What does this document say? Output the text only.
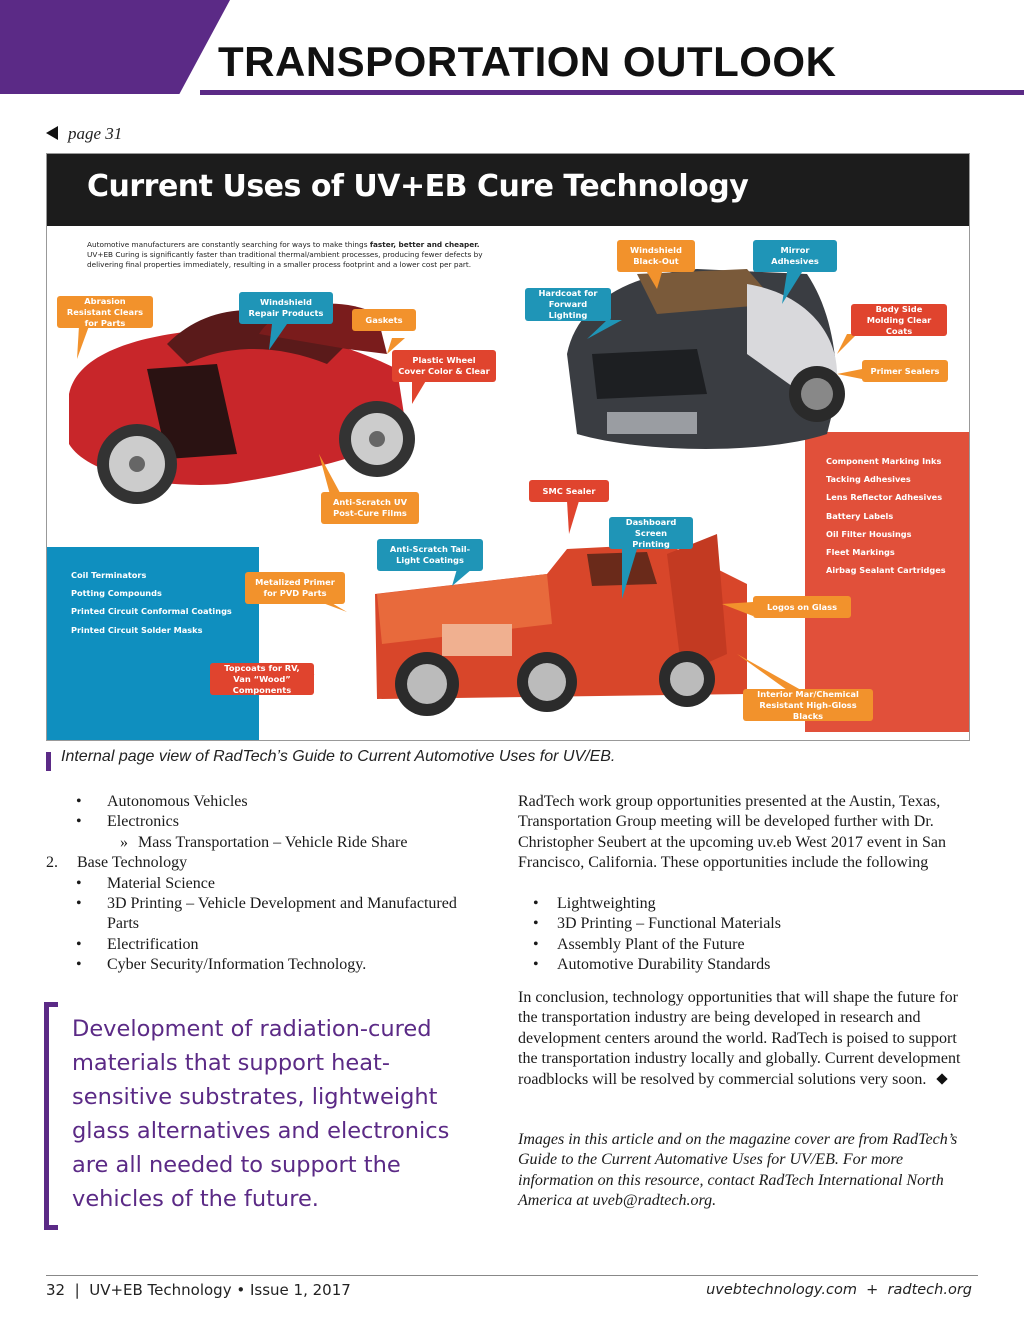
TRANSPORTATION OUTLOOK
page 31
Current Uses of UV+EB Cure Technology
Automotive manufacturers are constantly searching for ways to make things faster, better and cheaper. UV+EB Curing is significantly faster than traditional thermal/ambient processes, producing fewer defects by delivering final properties immediately, resulting in a smaller process footprint and a lower cost per part.
Coil Terminators
Potting Compounds
Printed Circuit Conformal Coatings
Printed Circuit Solder Masks
Component Marking Inks
Tacking Adhesives
Lens Reflector Adhesives
Battery Labels
Oil Filter Housings
Fleet Markings
Airbag Sealant Cartridges
Abrasion Resistant Clears for Parts
Windshield Repair Products
Gaskets
Hardcoat for Forward Lighting
Windshield Black-Out
Mirror Adhesives
Body Side Molding Clear Coats
Primer Sealers
Plastic Wheel Cover Color & Clear
Anti-Scratch UV Post-Cure Films
SMC Sealer
Dashboard Screen Printing
Anti-Scratch Tail-Light Coatings
Metalized Primer for PVD Parts
Logos on Glass
Topcoats for RV, Van “Wood” Components	Interior Mar/Chemical Resistant High-Gloss Blacks
Internal page view of RadTech’s Guide to Current Automotive Uses for UV/EB.
• Autonomous Vehicles
• Electronics
» Mass Transportation – Vehicle Ride Share
2. Base Technology
• Material Science
• 3D Printing – Vehicle Development and Manufactured
Parts
• Electrification
• Cyber Security/Information Technology.
RadTech work group opportunities presented at the Austin, Texas, Transportation Group meeting will be developed further with Dr. Christopher Seubert at the upcoming uv.eb West 2017 event in San Francisco, California. These opportunities include the following
• Lightweighting
• 3D Printing – Functional Materials
• Assembly Plant of the Future
• Automotive Durability Standards
In conclusion, technology opportunities that will shape the future for the transportation industry are being developed in research and development centers around the world. RadTech is poised to support the transportation industry locally and globally. Current development roadblocks will be resolved by commercial solutions very soon.
Images in this article and on the magazine cover are from RadTech’s Guide to the Current Automative Uses for UV/EB. For more information on this resource, contact RadTech International North America at uveb@radtech.org.
Development of radiation-cured materials that support heat-sensitive substrates, lightweight glass alternatives and electronics are all needed to support the vehicles of the future.
32  |  UV+EB Technology • Issue 1, 2017	uvebtechnology.com  +  radtech.org
